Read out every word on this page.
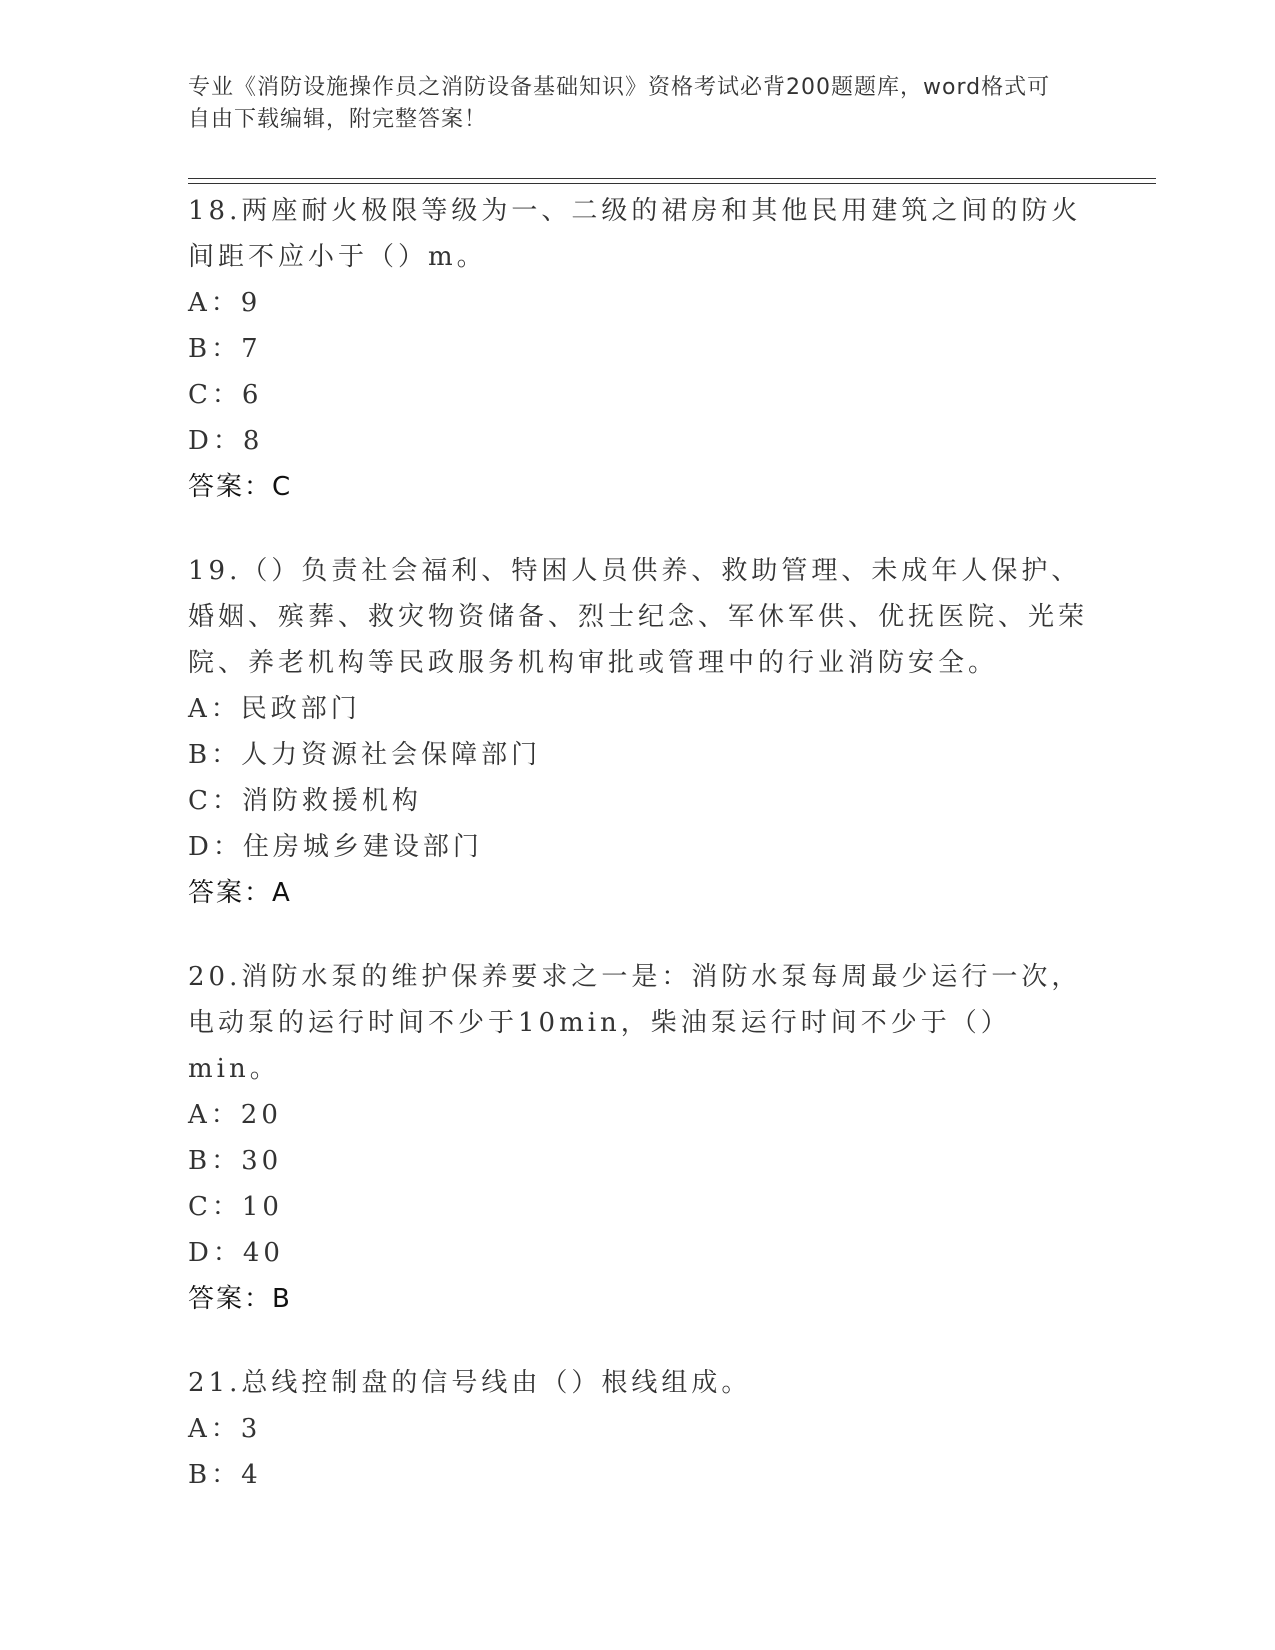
专业《消防设施操作员之消防设备基础知识》资格考试必背200题题库，word格式可自由下载编辑，附完整答案！
18.两座耐火极限等级为一、二级的裙房和其他民用建筑之间的防火间距不应小于（）m。
A：9
B：7
C：6
D：8
答案：C
19.（）负责社会福利、特困人员供养、救助管理、未成年人保护、婚姻、殡葬、救灾物资储备、烈士纪念、军休军供、优抚医院、光荣院、养老机构等民政服务机构审批或管理中的行业消防安全。
A：民政部门
B：人力资源社会保障部门
C：消防救援机构
D：住房城乡建设部门
答案：A
20.消防水泵的维护保养要求之一是：消防水泵每周最少运行一次，电动泵的运行时间不少于10min，柴油泵运行时间不少于（）min。
A：20
B：30
C：10
D：40
答案：B
21.总线控制盘的信号线由（）根线组成。
A：3
B：4
